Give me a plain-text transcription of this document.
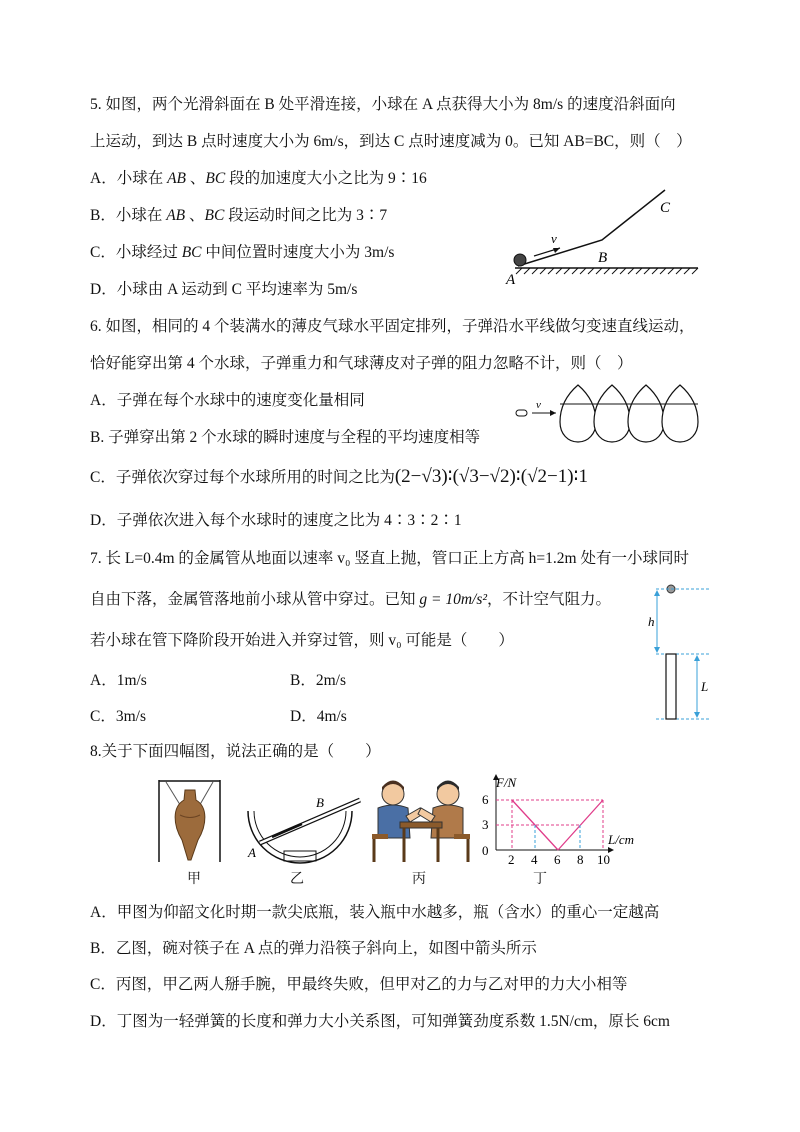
5. 如图，两个光滑斜面在 B 处平滑连接，小球在 A 点获得大小为 8m/s 的速度沿斜面向
上运动，到达 B 点时速度大小为 6m/s，到达 C 点时速度减为 0。已知 AB=BC，则（　）
A．小球在 AB 、BC 段的加速度大小之比为 9∶16
B．小球在 AB 、BC 段运动时间之比为 3∶7
C．小球经过 BC 中间位置时速度大小为 3m/s
D．小球由 A 运动到 C 平均速率为 5m/s
A
B
C
v
6. 如图，相同的 4 个装满水的薄皮气球水平固定排列，子弹沿水平线做匀变速直线运动，
恰好能穿出第 4 个水球，子弹重力和气球薄皮对子弹的阻力忽略不计，则（　）
A．子弹在每个水球中的速度变化量相同
B. 子弹穿出第 2 个水球的瞬时速度与全程的平均速度相等
C．子弹依次穿过每个水球所用的时间之比为(2−√3)∶(√3−√2)∶(√2−1)∶1
D．子弹依次进入每个水球时的速度之比为 4∶3∶2∶1
v
7. 长 L=0.4m 的金属管从地面以速率 v₀ 竖直上抛，管口正上方高 h=1.2m 处有一小球同时
自由下落，金属管落地前小球从管中穿过。已知 g = 10m/s²，不计空气阻力。
若小球在管下降阶段开始进入并穿过管，则 v₀ 可能是（　　）
A．1m/s	B．2m/s
C．3m/s	D．4m/s
h
L
8.关于下面四幅图，说法正确的是（　　）
甲
A
B
乙	丙
F/N
L/cm
6
3
0
2 4 6 8 10
丁
A．甲图为仰韶文化时期一款尖底瓶，装入瓶中水越多，瓶（含水）的重心一定越高
B．乙图，碗对筷子在 A 点的弹力沿筷子斜向上，如图中箭头所示
C．丙图，甲乙两人掰手腕，甲最终失败，但甲对乙的力与乙对甲的力大小相等
D．丁图为一轻弹簧的长度和弹力大小关系图，可知弹簧劲度系数 1.5N/cm，原长 6cm
